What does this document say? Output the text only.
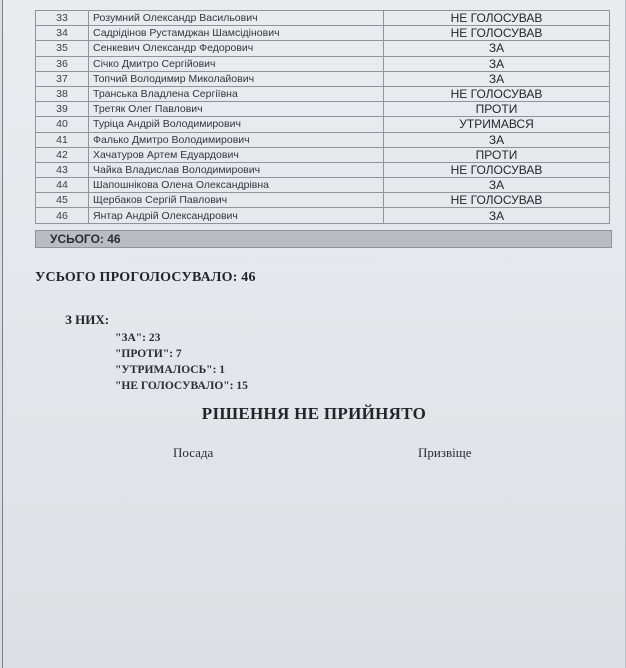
33	Розумний Олександр Васильович	НЕ ГОЛОСУВАВ
34	Садрідінов Рустамджан Шамсідінович	НЕ ГОЛОСУВАВ
35	Сенкевич Олександр Федорович	ЗА
36	Січко Дмитро Сергійович	ЗА
37	Топчий Володимир Миколайович	ЗА
38	Транська Владлена Сергіївна	НЕ ГОЛОСУВАВ
39	Третяк Олег Павлович	ПРОТИ
40	Туріца Андрій Володимирович	УТРИМАВСЯ
41	Фалько Дмитро Володимирович	ЗА
42	Хачатуров Артем Едуардович	ПРОТИ
43	Чайка Владислав Володимирович	НЕ ГОЛОСУВАВ
44	Шапошнікова Олена Олександрівна	ЗА
45	Щербаков Сергій Павлович	НЕ ГОЛОСУВАВ
46	Янтар Андрій Олександрович	ЗА
УСЬОГО: 46
УСЬОГО ПРОГОЛОСУВАЛО: 46
З НИХ:
"ЗА": 23
"ПРОТИ": 7
"УТРИМАЛОСЬ": 1
"НЕ ГОЛОСУВАЛО": 15
РІШЕННЯ НЕ ПРИЙНЯТО
Посада	Призвіще
